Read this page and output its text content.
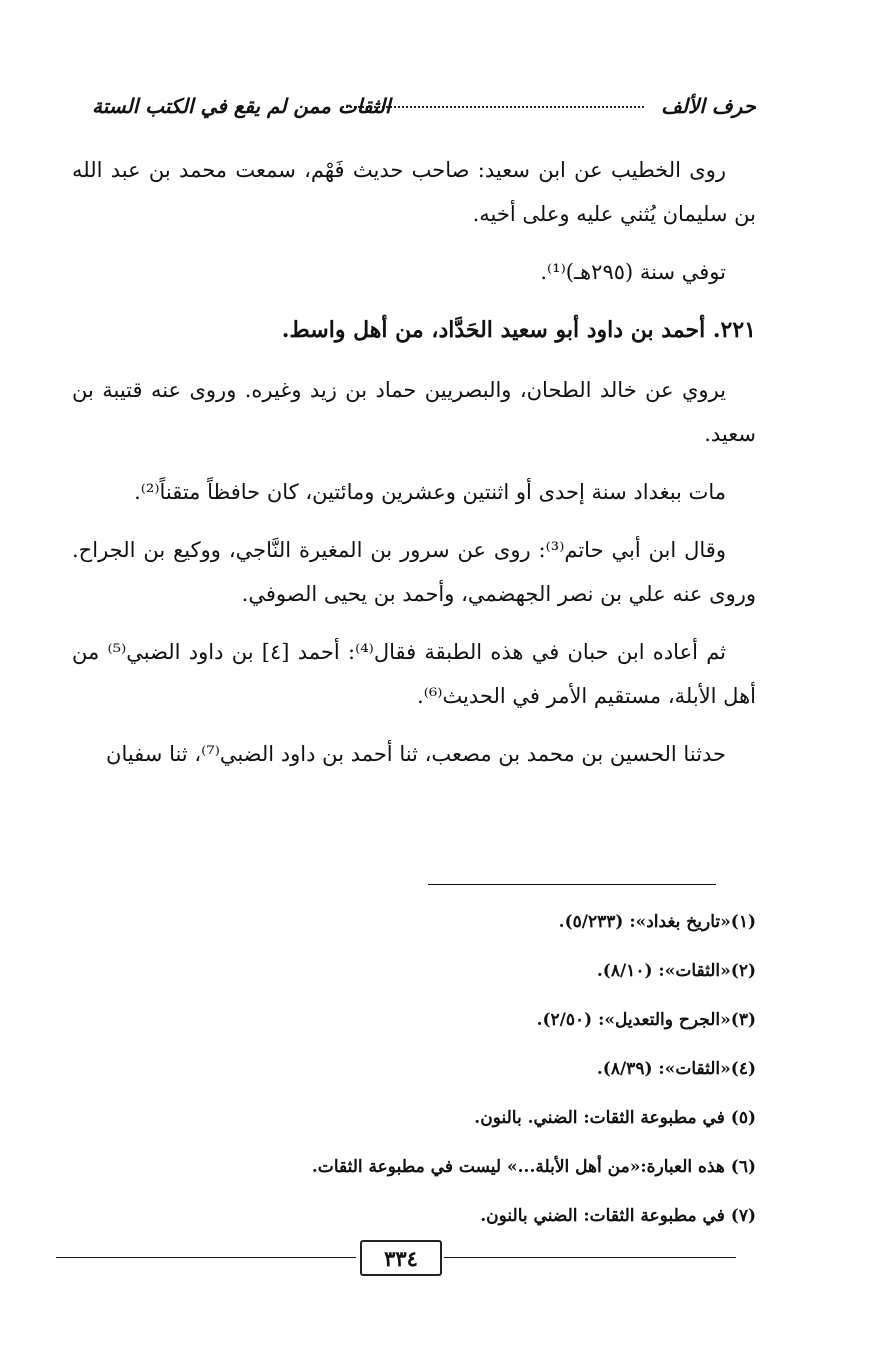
حرف الألف
الثقات ممن لم يقع في الكتب الستة

روى الخطيب عن ابن سعيد: صاحب حديث فَهْم، سمعت محمد بن عبد الله بن سليمان يُثني عليه وعلى أخيه.

توفي سنة (٢٩٥هـ)⁽¹⁾.

٢٢١. أحمد بن داود أبو سعيد الحَدَّاد، من أهل واسط.

يروي عن خالد الطحان، والبصريين حماد بن زيد وغيره. وروى عنه قتيبة بن سعيد.

مات ببغداد سنة إحدى أو اثنتين وعشرين ومائتين، كان حافظاً متقناً⁽²⁾.

وقال ابن أبي حاتم⁽³⁾: روى عن سرور بن المغيرة النَّاجي، ووكيع بن الجراح. وروى عنه علي بن نصر الجهضمي، وأحمد بن يحيى الصوفي.

ثم أعاده ابن حبان في هذه الطبقة فقال⁽⁴⁾: أحمد [٤] بن داود الضبي⁽⁵⁾ من أهل الأبلة، مستقيم الأمر في الحديث⁽⁶⁾.

حدثنا الحسين بن محمد بن مصعب، ثنا أحمد بن داود الضبي⁽⁷⁾، ثنا سفيان

(١)«تاريخ بغداد»: (٥/٢٣٣).
(٢)«الثقات»: (٨/١٠).
(٣)«الجرح والتعديل»: (٢/٥٠).
(٤)«الثقات»: (٨/٣٩).
(٥) في مطبوعة الثقات: الضني. بالنون.
(٦) هذه العبارة:«من أهل الأبلة...» ليست في مطبوعة الثقات.
(٧) في مطبوعة الثقات: الضني بالنون.
٣٣٤
